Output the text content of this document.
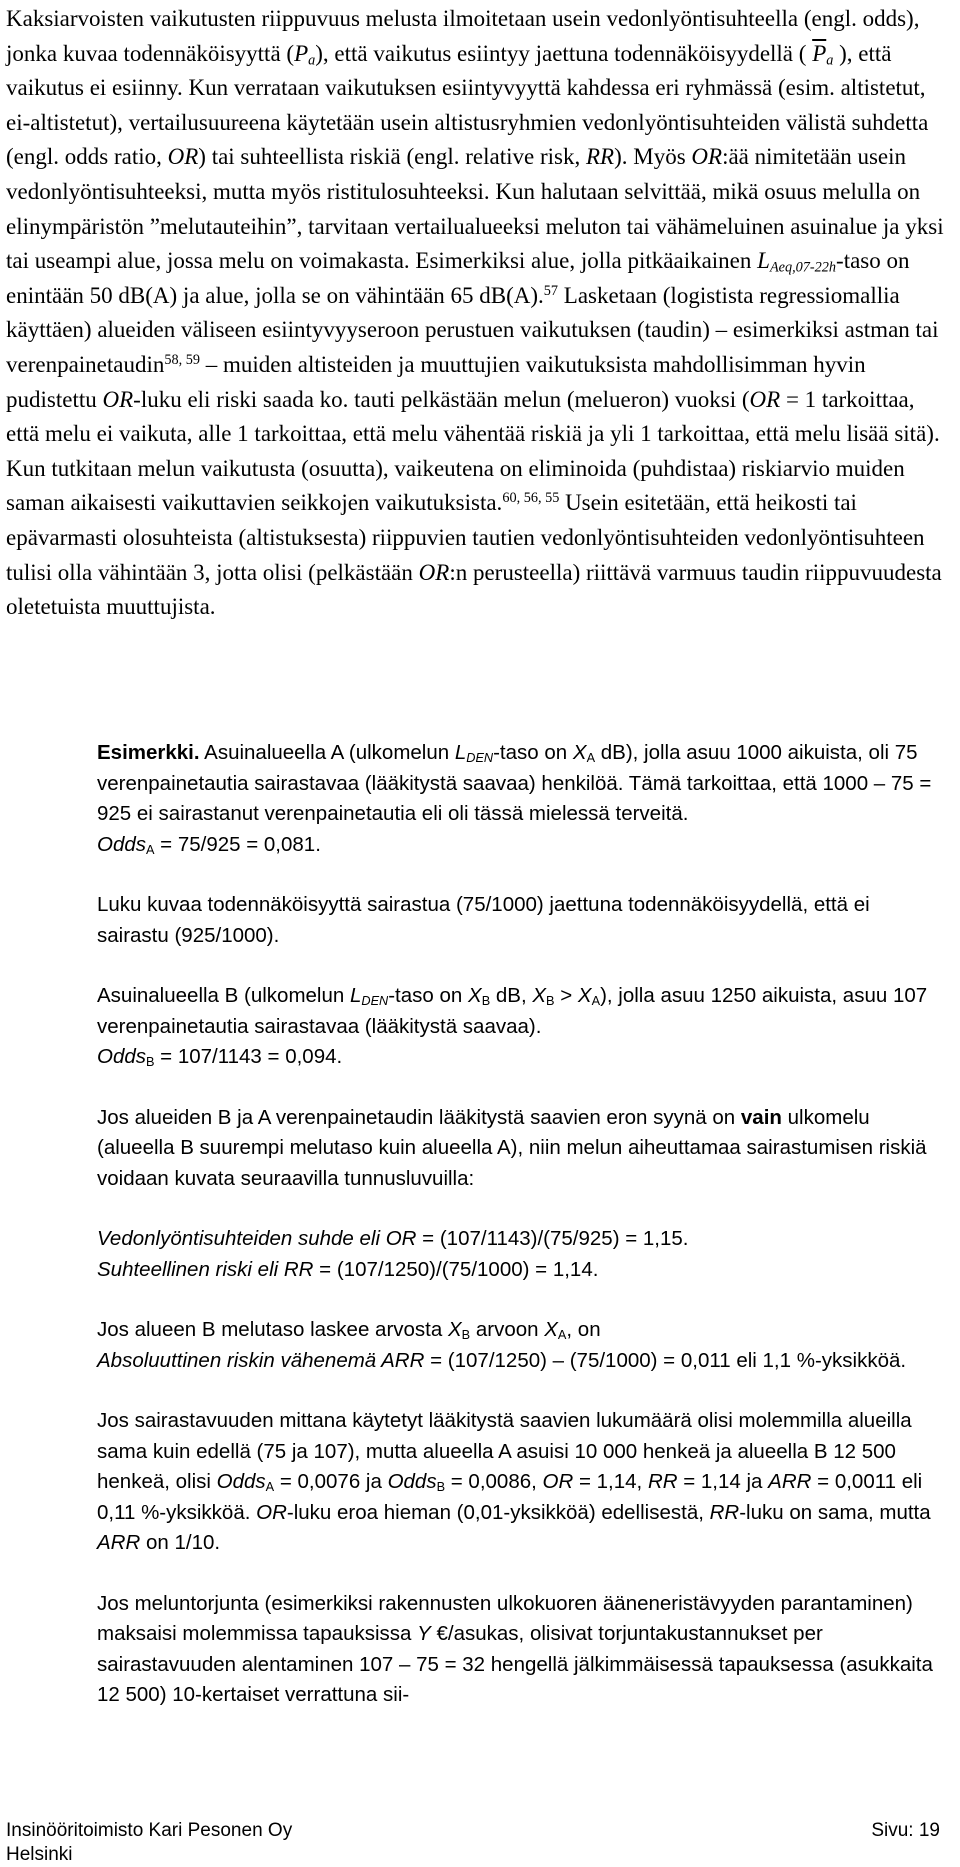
Kaksiarvoisten vaikutusten riippuvuus melusta ilmoitetaan usein vedonlyöntisuhteella (engl. odds), jonka kuvaa todennäköisyyttä $(P_a)$, että vaikutus esiintyy jaettuna todennäköisyydellä ( $\overline{P}_a$ ), että vaikutus ei esiinny. Kun verrataan vaikutuksen esiintyvyyttä kahdessa eri ryhmässä (esim. altistetut, ei-altistetut), vertailusuureena käytetään usein altistusryhmien vedonlyöntisuhteiden välistä suhdetta (engl. odds ratio, OR) tai suhteellista riskiä (engl. relative risk, RR). Myös OR:ää nimitetään usein vedonlyöntisuhteeksi, mutta myös ristitulosuhteeksi. Kun halutaan selvittää, mikä osuus melulla on elinympäristön ”melutauteihin”, tarvitaan vertailualueeksi meluton tai vähämeluinen asuinalue ja yksi tai useampi alue, jossa melu on voimakasta. Esimerkiksi alue, jolla pitkäaikainen $L_{Aeq,07-22h}$-taso on enintään 50 dB(A) ja alue, jolla se on vähintään 65 dB(A).$^{57}$ Lasketaan (logistista regressiomallia käyttäen) alueiden väliseen esiintyvyyseroon perustuen vaikutuksen (taudin) – esimerkiksi astman tai verenpainetaudin$^{58, 59}$ – muiden altisteiden ja muuttujien vaikutuksista mahdollisimman hyvin pudistettu OR-luku eli riski saada ko. tauti pelkästään melun (melueron) vuoksi (OR = 1 tarkoittaa, että melu ei vaikuta, alle 1 tarkoittaa, että melu vähentää riskiä ja yli 1 tarkoittaa, että melu lisää sitä). Kun tutkitaan melun vaikutusta (osuutta), vaikeutena on eliminoida (puhdistaa) riskiarvio muiden saman aikaisesti vaikuttavien seikkojen vaikutuksista.$^{60, 56, 55}$ Usein esitetään, että heikosti tai epävarmasti olosuhteista (altistuksesta) riippuvien tautien vedonlyöntisuhteiden vedonlyöntisuhteen tulisi olla vähintään 3, jotta olisi (pelkästään OR:n perusteella) riittävä varmuus taudin riippuvuudesta oletetuista muuttujista.

Esimerkki. Asuinalueella A (ulkomelun $L_{DEN}$-taso on $X_A$ dB), jolla asuu 1000 aikuista, oli 75 verenpainetautia sairastavaa (lääkitystä saavaa) henkilöä. Tämä tarkoittaa, että 1000 – 75 = 925 ei sairastanut verenpainetautia eli oli tässä mielessä terveitä.
Odds$_A$ = 75/925 = 0,081.

Luku kuvaa todennäköisyyttä sairastua (75/1000) jaettuna todennäköisyydellä, että ei sairastu (925/1000).

Asuinalueella B (ulkomelun $L_{DEN}$-taso on $X_B$ dB, $X_B > X_A$), jolla asuu 1250 aikuista, asuu 107 verenpainetautia sairastavaa (lääkitystä saavaa).
Odds$_B$ = 107/1143 = 0,094.

Jos alueiden B ja A verenpainetaudin lääkitystä saavien eron syynä on vain ulkomelu (alueella B suurempi melutaso kuin alueella A), niin melun aiheuttamaa sairastumisen riskiä voidaan kuvata seuraavilla tunnusluvuilla:

Vedonlyöntisuhteiden suhde eli OR = (107/1143)/(75/925) = 1,15.
Suhteellinen riski eli RR = (107/1250)/(75/1000) = 1,14.

Jos alueen B melutaso laskee arvosta $X_B$ arvoon $X_A$, on
Absoluuttinen riskin vähenemä ARR = (107/1250) – (75/1000) = 0,011 eli 1,1 %-yksikköä.

Jos sairastavuuden mittana käytetyt lääkitystä saavien lukumäärä olisi molemmilla alueilla sama kuin edellä (75 ja 107), mutta alueella A asuisi 10 000 henkeä ja alueella B 12 500 henkeä, olisi Odds$_A$ = 0,0076 ja Odds$_B$ = 0,0086, OR = 1,14, RR = 1,14 ja ARR = 0,0011 eli 0,11 %-yksikköä. OR-luku eroa hieman (0,01-yksikköä) edellisestä, RR-luku on sama, mutta ARR on 1/10.

Jos meluntorjunta (esimerkiksi rakennusten ulkokuoren ääneneristävyyden parantaminen) maksaisi molemmissa tapauksissa Y €/asukas, olisivat torjuntakustannukset per sairastavuuden alentaminen 107 – 75 = 32 hengellä jälkimmäisessä tapauksessa (asukkaita 12 500) 10-kertaiset verrattuna sii-

Insinööritoimisto Kari Pesonen Oy
Helsinki
Sivu: 19
